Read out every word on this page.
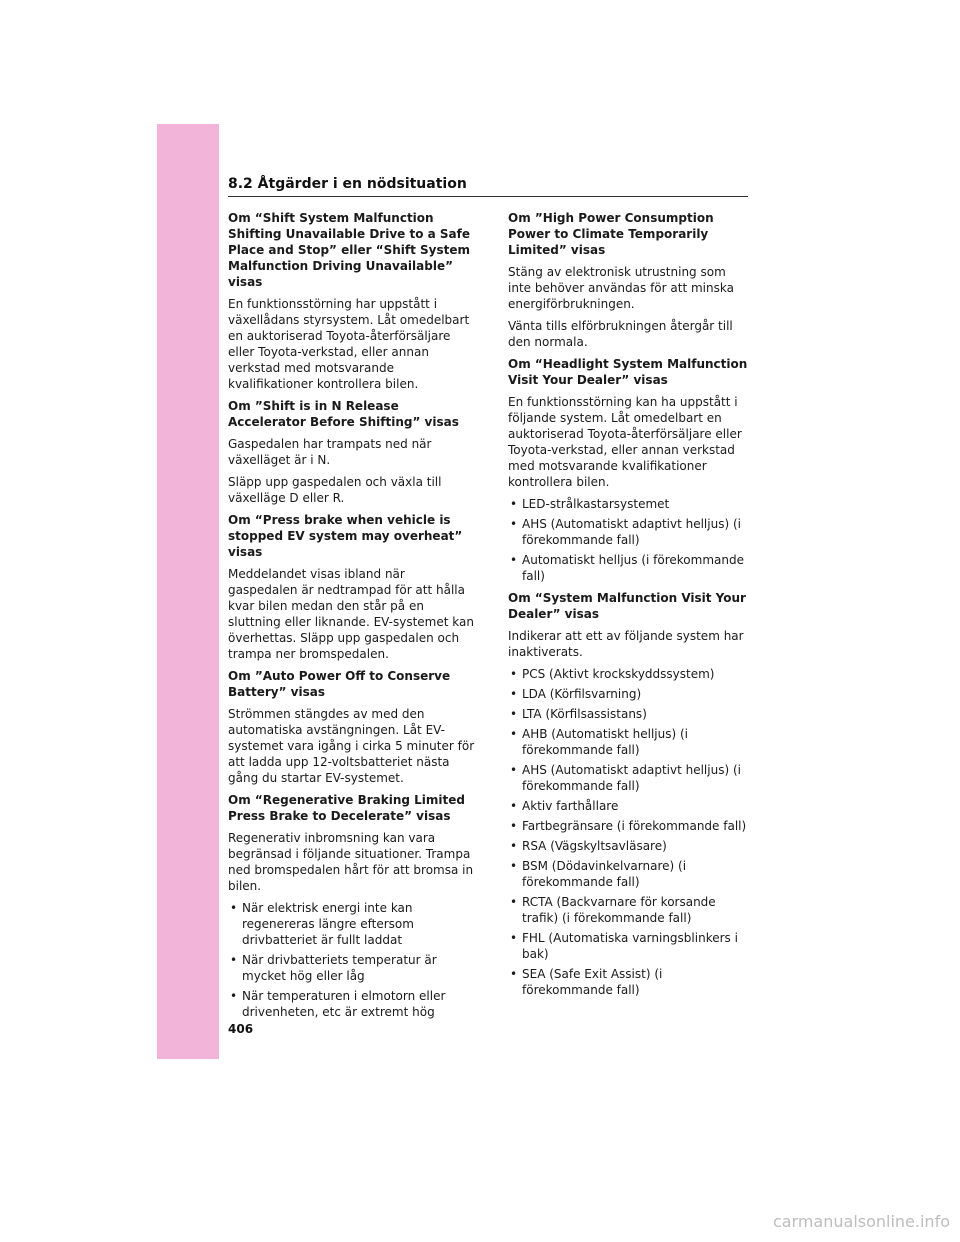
8.2 Åtgärder i en nödsituation

Om “Shift System Malfunction Shifting Unavailable Drive to a Safe Place and Stop” eller “Shift System Malfunction Driving Unavailable” visas

En funktionsstörning har uppstått i växellådans styrsystem. Låt omedelbart en auktoriserad Toyota-återförsäljare eller Toyota-verkstad, eller annan verkstad med motsvarande kvalifikationer kontrollera bilen.

Om ”Shift is in N Release Accelerator Before Shifting” visas

Gaspedalen har trampats ned när växelläget är i N.

Släpp upp gaspedalen och växla till växelläge D eller R.

Om “Press brake when vehicle is stopped EV system may overheat” visas

Meddelandet visas ibland när gaspedalen är nedtrampad för att hålla kvar bilen medan den står på en sluttning eller liknande. EV-systemet kan överhettas. Släpp upp gaspedalen och trampa ner bromspedalen.

Om ”Auto Power Off to Conserve Battery” visas

Strömmen stängdes av med den automatiska avstängningen. Låt EV-systemet vara igång i cirka 5 minuter för att ladda upp 12-voltsbatteriet nästa gång du startar EV-systemet.

Om “Regenerative Braking Limited Press Brake to Decelerate” visas

Regenerativ inbromsning kan vara begränsad i följande situationer. Trampa ned bromspedalen hårt för att bromsa in bilen.

• När elektrisk energi inte kan regenereras längre eftersom drivbatteriet är fullt laddat
• När drivbatteriets temperatur är mycket hög eller låg
• När temperaturen i elmotorn eller drivenheten, etc är extremt hög

Om ”High Power Consumption Power to Climate Temporarily Limited” visas

Stäng av elektronisk utrustning som inte behöver användas för att minska energiförbrukningen.

Vänta tills elförbrukningen återgår till den normala.

Om “Headlight System Malfunction Visit Your Dealer” visas

En funktionsstörning kan ha uppstått i följande system. Låt omedelbart en auktoriserad Toyota-återförsäljare eller Toyota-verkstad, eller annan verkstad med motsvarande kvalifikationer kontrollera bilen.

• LED-strålkastarsystemet
• AHS (Automatiskt adaptivt helljus) (i förekommande fall)
• Automatiskt helljus (i förekommande fall)

Om “System Malfunction Visit Your Dealer” visas

Indikerar att ett av följande system har inaktiverats.

• PCS (Aktivt krockskyddssystem)
• LDA (Körfilsvarning)
• LTA (Körfilsassistans)
• AHB (Automatiskt helljus) (i förekommande fall)
• AHS (Automatiskt adaptivt helljus) (i förekommande fall)
• Aktiv farthållare
• Fartbegränsare (i förekommande fall)
• RSA (Vägskyltsavläsare)
• BSM (Dödavinkelvarnare) (i förekommande fall)
• RCTA (Backvarnare för korsande trafik) (i förekommande fall)
• FHL (Automatiska varningsblinkers i bak)
• SEA (Safe Exit Assist) (i förekommande fall)
406
carmanualsonline.info
